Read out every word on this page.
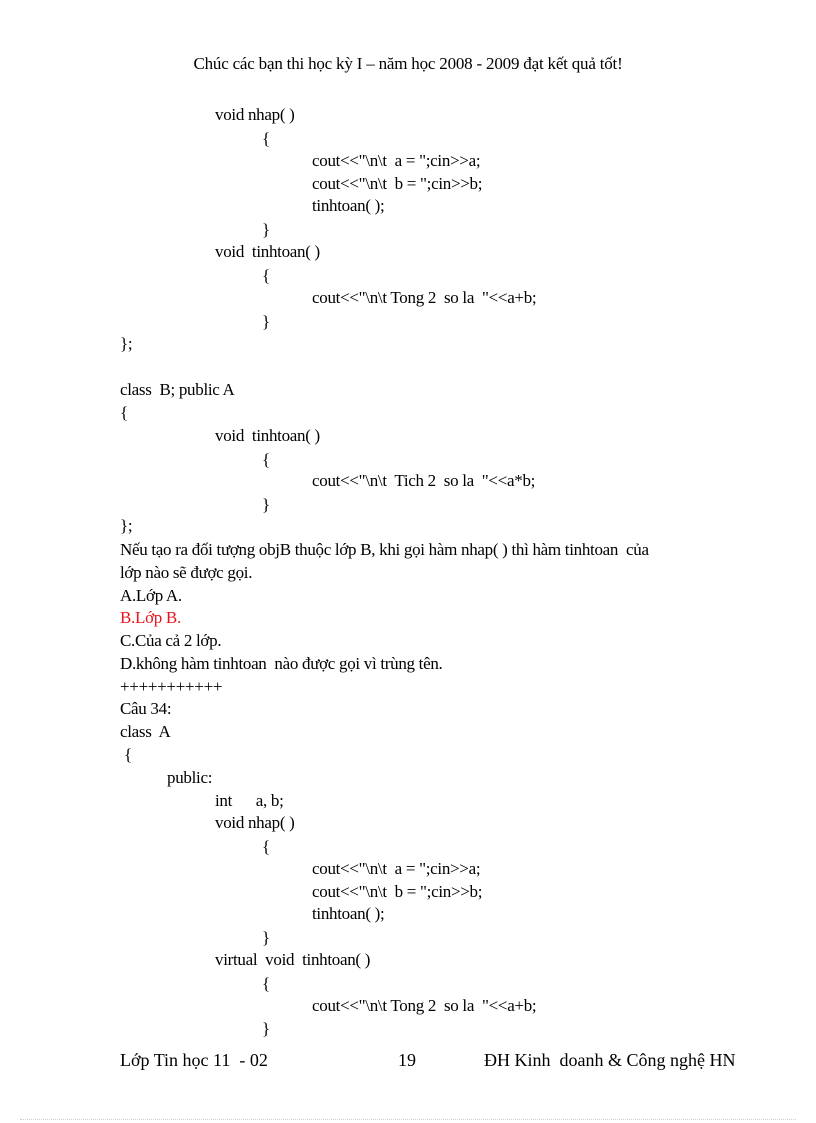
Chúc các bạn thi học kỳ I – năm học 2008 - 2009 đạt kết quả tốt!
void nhap( )
{
cout<<"\n\t  a = ";cin>>a;
cout<<"\n\t  b = ";cin>>b;
tinhtoan( );
}
void  tinhtoan( )
{
cout<<"\n\t Tong 2  so la  "<<a+b;
}
};
class  B; public A
{
void  tinhtoan( )
{
cout<<"\n\t  Tich 2  so la  "<<a*b;
}
};
Nếu tạo ra đối tượng objB thuộc lớp B, khi gọi hàm nhap( ) thì hàm tinhtoan  của
lớp nào sẽ được gọi.
A.Lớp A.
B.Lớp B.
C.Của cả 2 lớp.
D.không hàm tinhtoan  nào được gọi vì trùng tên.
+++++++++++
Câu 34:
class  A
{
public:
int      a, b;
void nhap( )
{
cout<<"\n\t  a = ";cin>>a;
cout<<"\n\t  b = ";cin>>b;
tinhtoan( );
}
virtual  void  tinhtoan( )
{
cout<<"\n\t Tong 2  so la  "<<a+b;
}
Lớp Tin học 11  - 02	19	ĐH Kinh  doanh & Công nghệ HN
